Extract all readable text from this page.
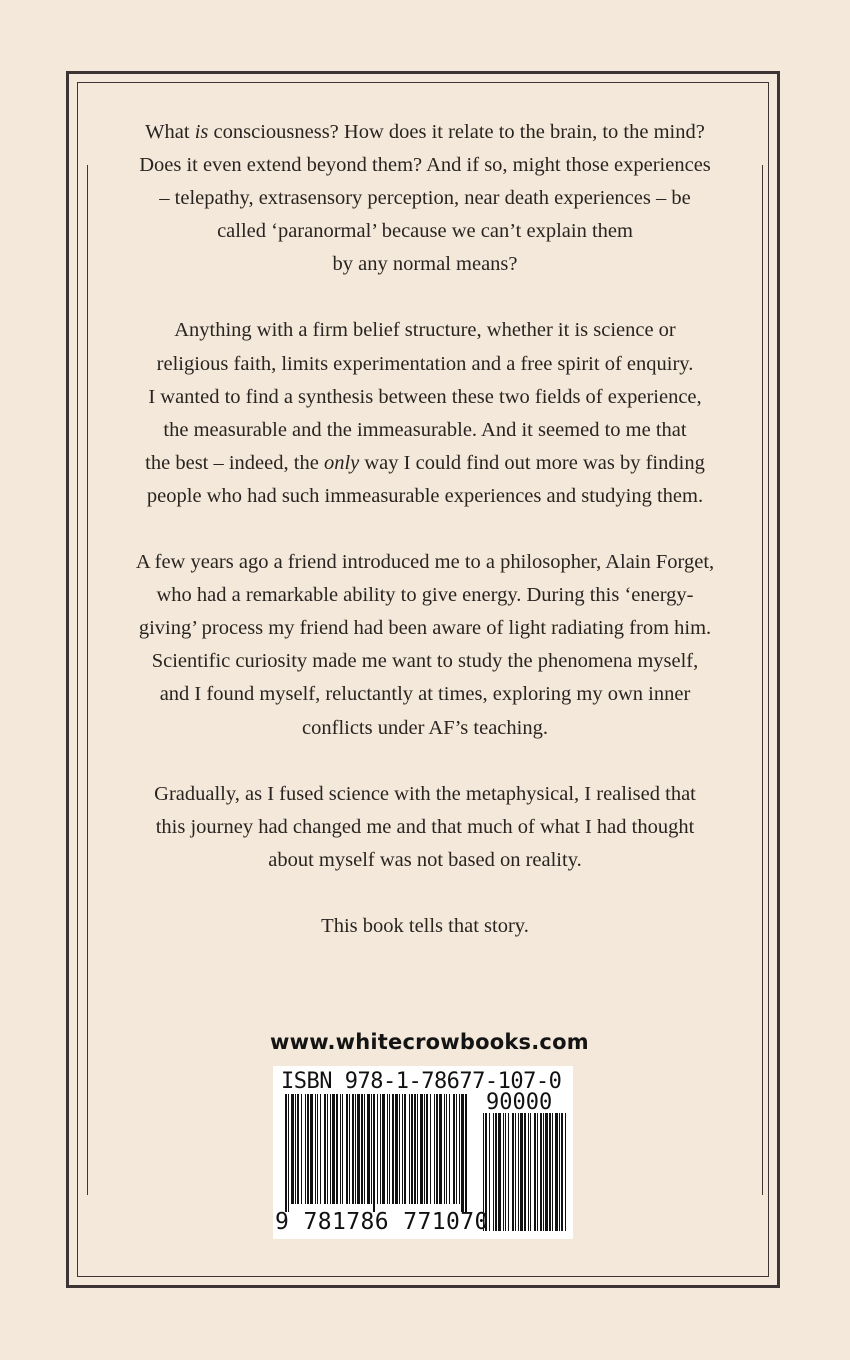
What is consciousness? How does it relate to the brain, to the mind?
Does it even extend beyond them? And if so, might those experiences
– telepathy, extrasensory perception, near death experiences – be
called ‘paranormal’ because we can’t explain them
by any normal means?

Anything with a firm belief structure, whether it is science or
religious faith, limits experimentation and a free spirit of enquiry.
I wanted to find a synthesis between these two fields of experience,
the measurable and the immeasurable. And it seemed to me that
the best – indeed, the only way I could find out more was by finding
people who had such immeasurable experiences and studying them.

A few years ago a friend introduced me to a philosopher, Alain Forget,
who had a remarkable ability to give energy. During this ‘energy-
giving’ process my friend had been aware of light radiating from him.
Scientific curiosity made me want to study the phenomena myself,
and I found myself, reluctantly at times, exploring my own inner
conflicts under AF’s teaching.

Gradually, as I fused science with the metaphysical, I realised that
this journey had changed me and that much of what I had thought
about myself was not based on reality.

This book tells that story.

www.whitecrowbooks.com
ISBN 978-1-78677-107-0
90000
9 781786 771070
